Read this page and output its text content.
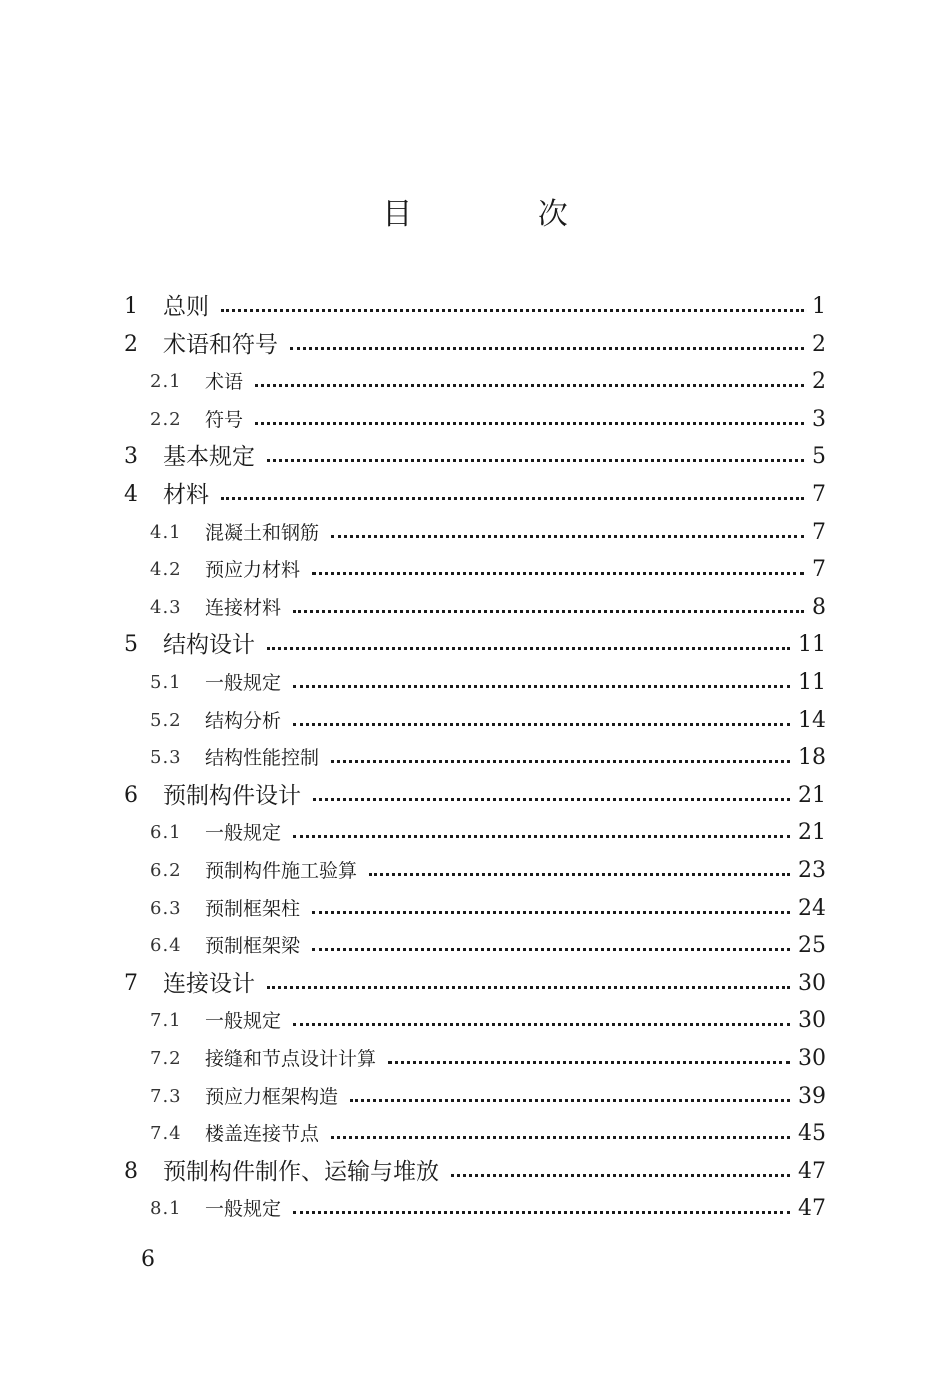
目 次
1 总则	1
2 术语和符号	2
2.1 术语	2
2.2 符号	3
3 基本规定	5
4 材料	7
4.1 混凝土和钢筋	7
4.2 预应力材料	7
4.3 连接材料	8
5 结构设计	11
5.1 一般规定	11
5.2 结构分析	14
5.3 结构性能控制	18
6 预制构件设计	21
6.1 一般规定	21
6.2 预制构件施工验算	23
6.3 预制框架柱	24
6.4 预制框架梁	25
7 连接设计	30
7.1 一般规定	30
7.2 接缝和节点设计计算	30
7.3 预应力框架构造	39
7.4 楼盖连接节点	45
8 预制构件制作、运输与堆放	47
8.1 一般规定	47
6
